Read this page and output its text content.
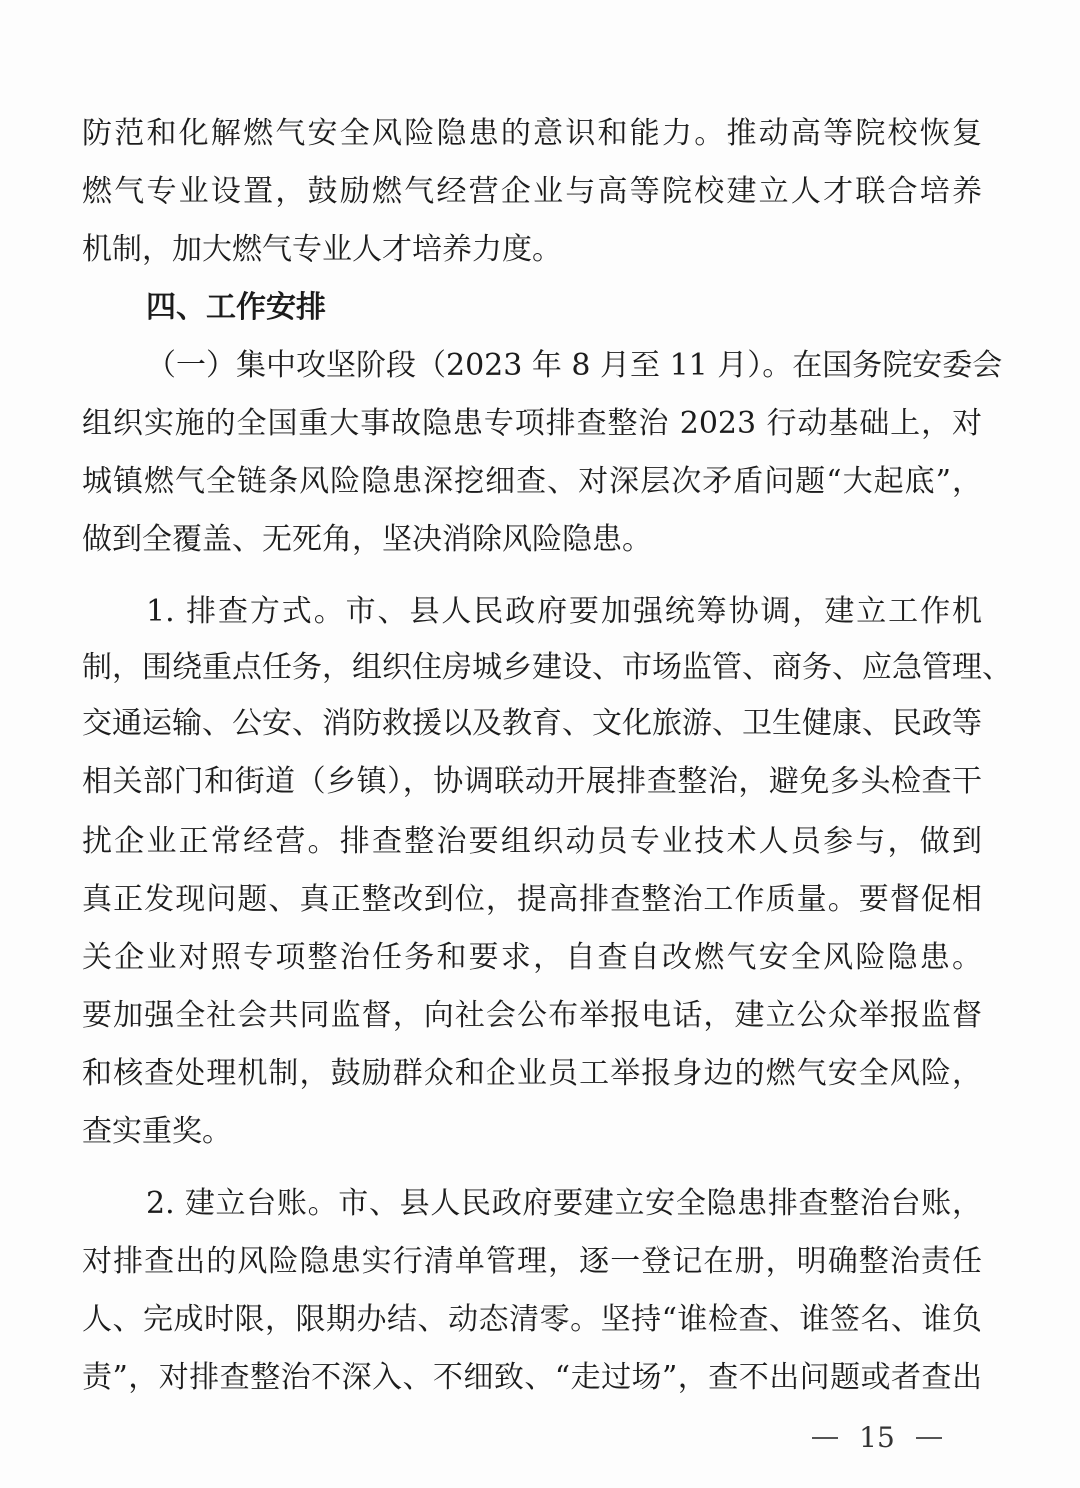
防范和化解燃气安全风险隐患的意识和能力。推动高等院校恢复
燃气专业设置，鼓励燃气经营企业与高等院校建立人才联合培养
机制，加大燃气专业人才培养力度。
四、工作安排
（一）集中攻坚阶段（2023 年 8 月至 11 月）。在国务院安委会
组织实施的全国重大事故隐患专项排查整治 2023 行动基础上，对
城镇燃气全链条风险隐患深挖细查、对深层次矛盾问题“大起底”，
做到全覆盖、无死角，坚决消除风险隐患。
1. 排查方式。市、县人民政府要加强统筹协调，建立工作机
制，围绕重点任务，组织住房城乡建设、市场监管、商务、应急管理、
交通运输、公安、消防救援以及教育、文化旅游、卫生健康、民政等
相关部门和街道（乡镇），协调联动开展排查整治，避免多头检查干
扰企业正常经营。排查整治要组织动员专业技术人员参与，做到
真正发现问题、真正整改到位，提高排查整治工作质量。要督促相
关企业对照专项整治任务和要求，自查自改燃气安全风险隐患。
要加强全社会共同监督，向社会公布举报电话，建立公众举报监督
和核查处理机制，鼓励群众和企业员工举报身边的燃气安全风险，
查实重奖。
2. 建立台账。市、县人民政府要建立安全隐患排查整治台账，
对排查出的风险隐患实行清单管理，逐一登记在册，明确整治责任
人、完成时限，限期办结、动态清零。坚持“谁检查、谁签名、谁负
责”，对排查整治不深入、不细致、“走过场”，查不出问题或者查出
15
